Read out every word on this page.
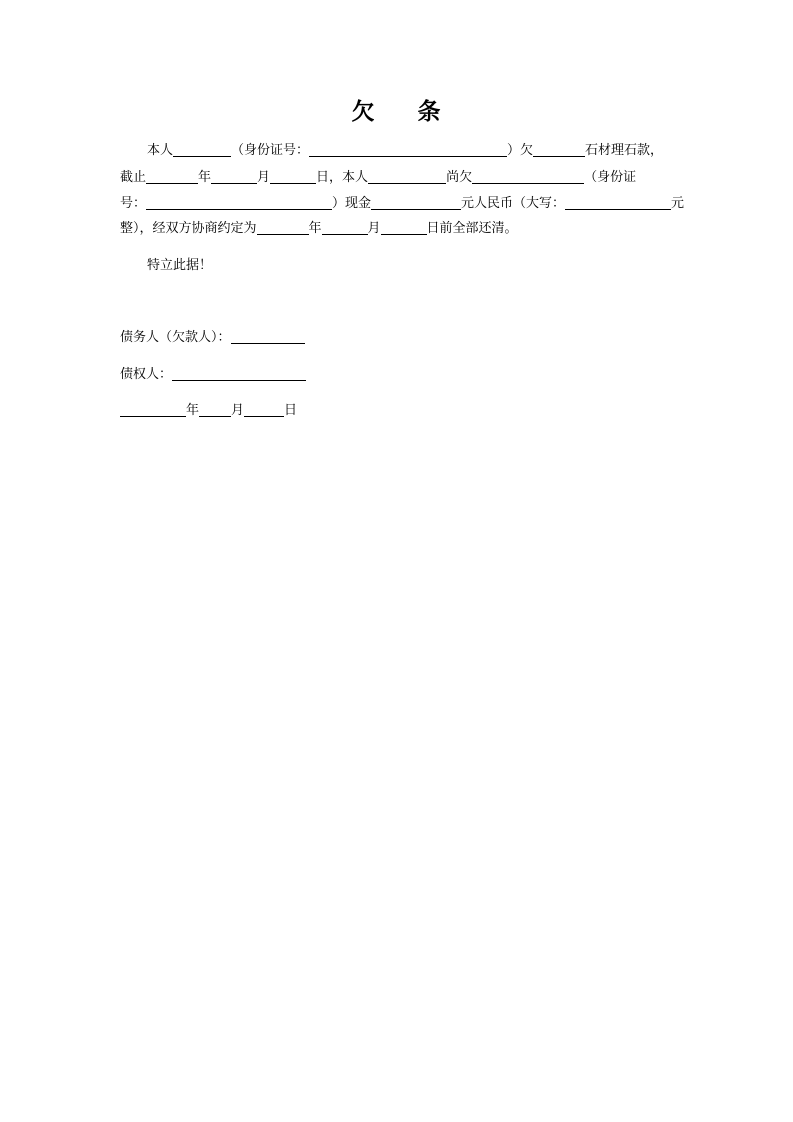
欠 条
本人	（身份证号：	）欠	石材理石款，
截止	年	月	日，本人	尚欠	（身份证
号：	）现金	元人民币（大写：	元
整），经双方协商约定为	年	月	日前全部还清。
特立此据！
债务人（欠款人）：
债权人：
年 月	日
